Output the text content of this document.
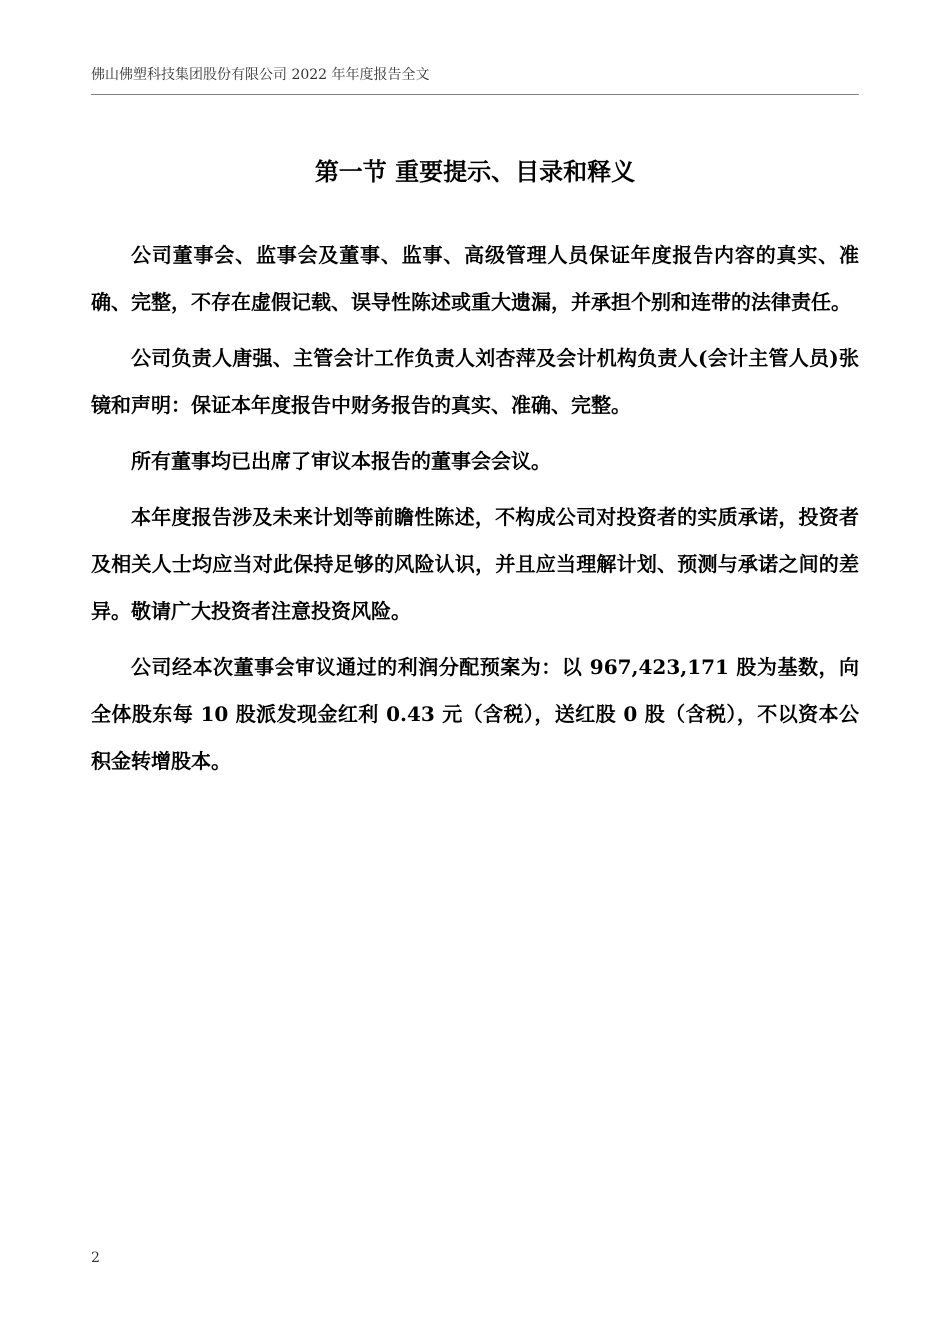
佛山佛塑科技集团股份有限公司 2022 年年度报告全文
第一节 重要提示、目录和释义

公司董事会、监事会及董事、监事、高级管理人员保证年度报告内容的真实、准确、完整，不存在虚假记载、误导性陈述或重大遗漏，并承担个别和连带的法律责任。

公司负责人唐强、主管会计工作负责人刘杏萍及会计机构负责人(会计主管人员)张镜和声明：保证本年度报告中财务报告的真实、准确、完整。

所有董事均已出席了审议本报告的董事会会议。

本年度报告涉及未来计划等前瞻性陈述，不构成公司对投资者的实质承诺，投资者及相关人士均应当对此保持足够的风险认识，并且应当理解计划、预测与承诺之间的差异。敬请广大投资者注意投资风险。

公司经本次董事会审议通过的利润分配预案为：以 967,423,171 股为基数，向全体股东每 10 股派发现金红利 0.43 元（含税），送红股 0 股（含税），不以资本公积金转增股本。

2
